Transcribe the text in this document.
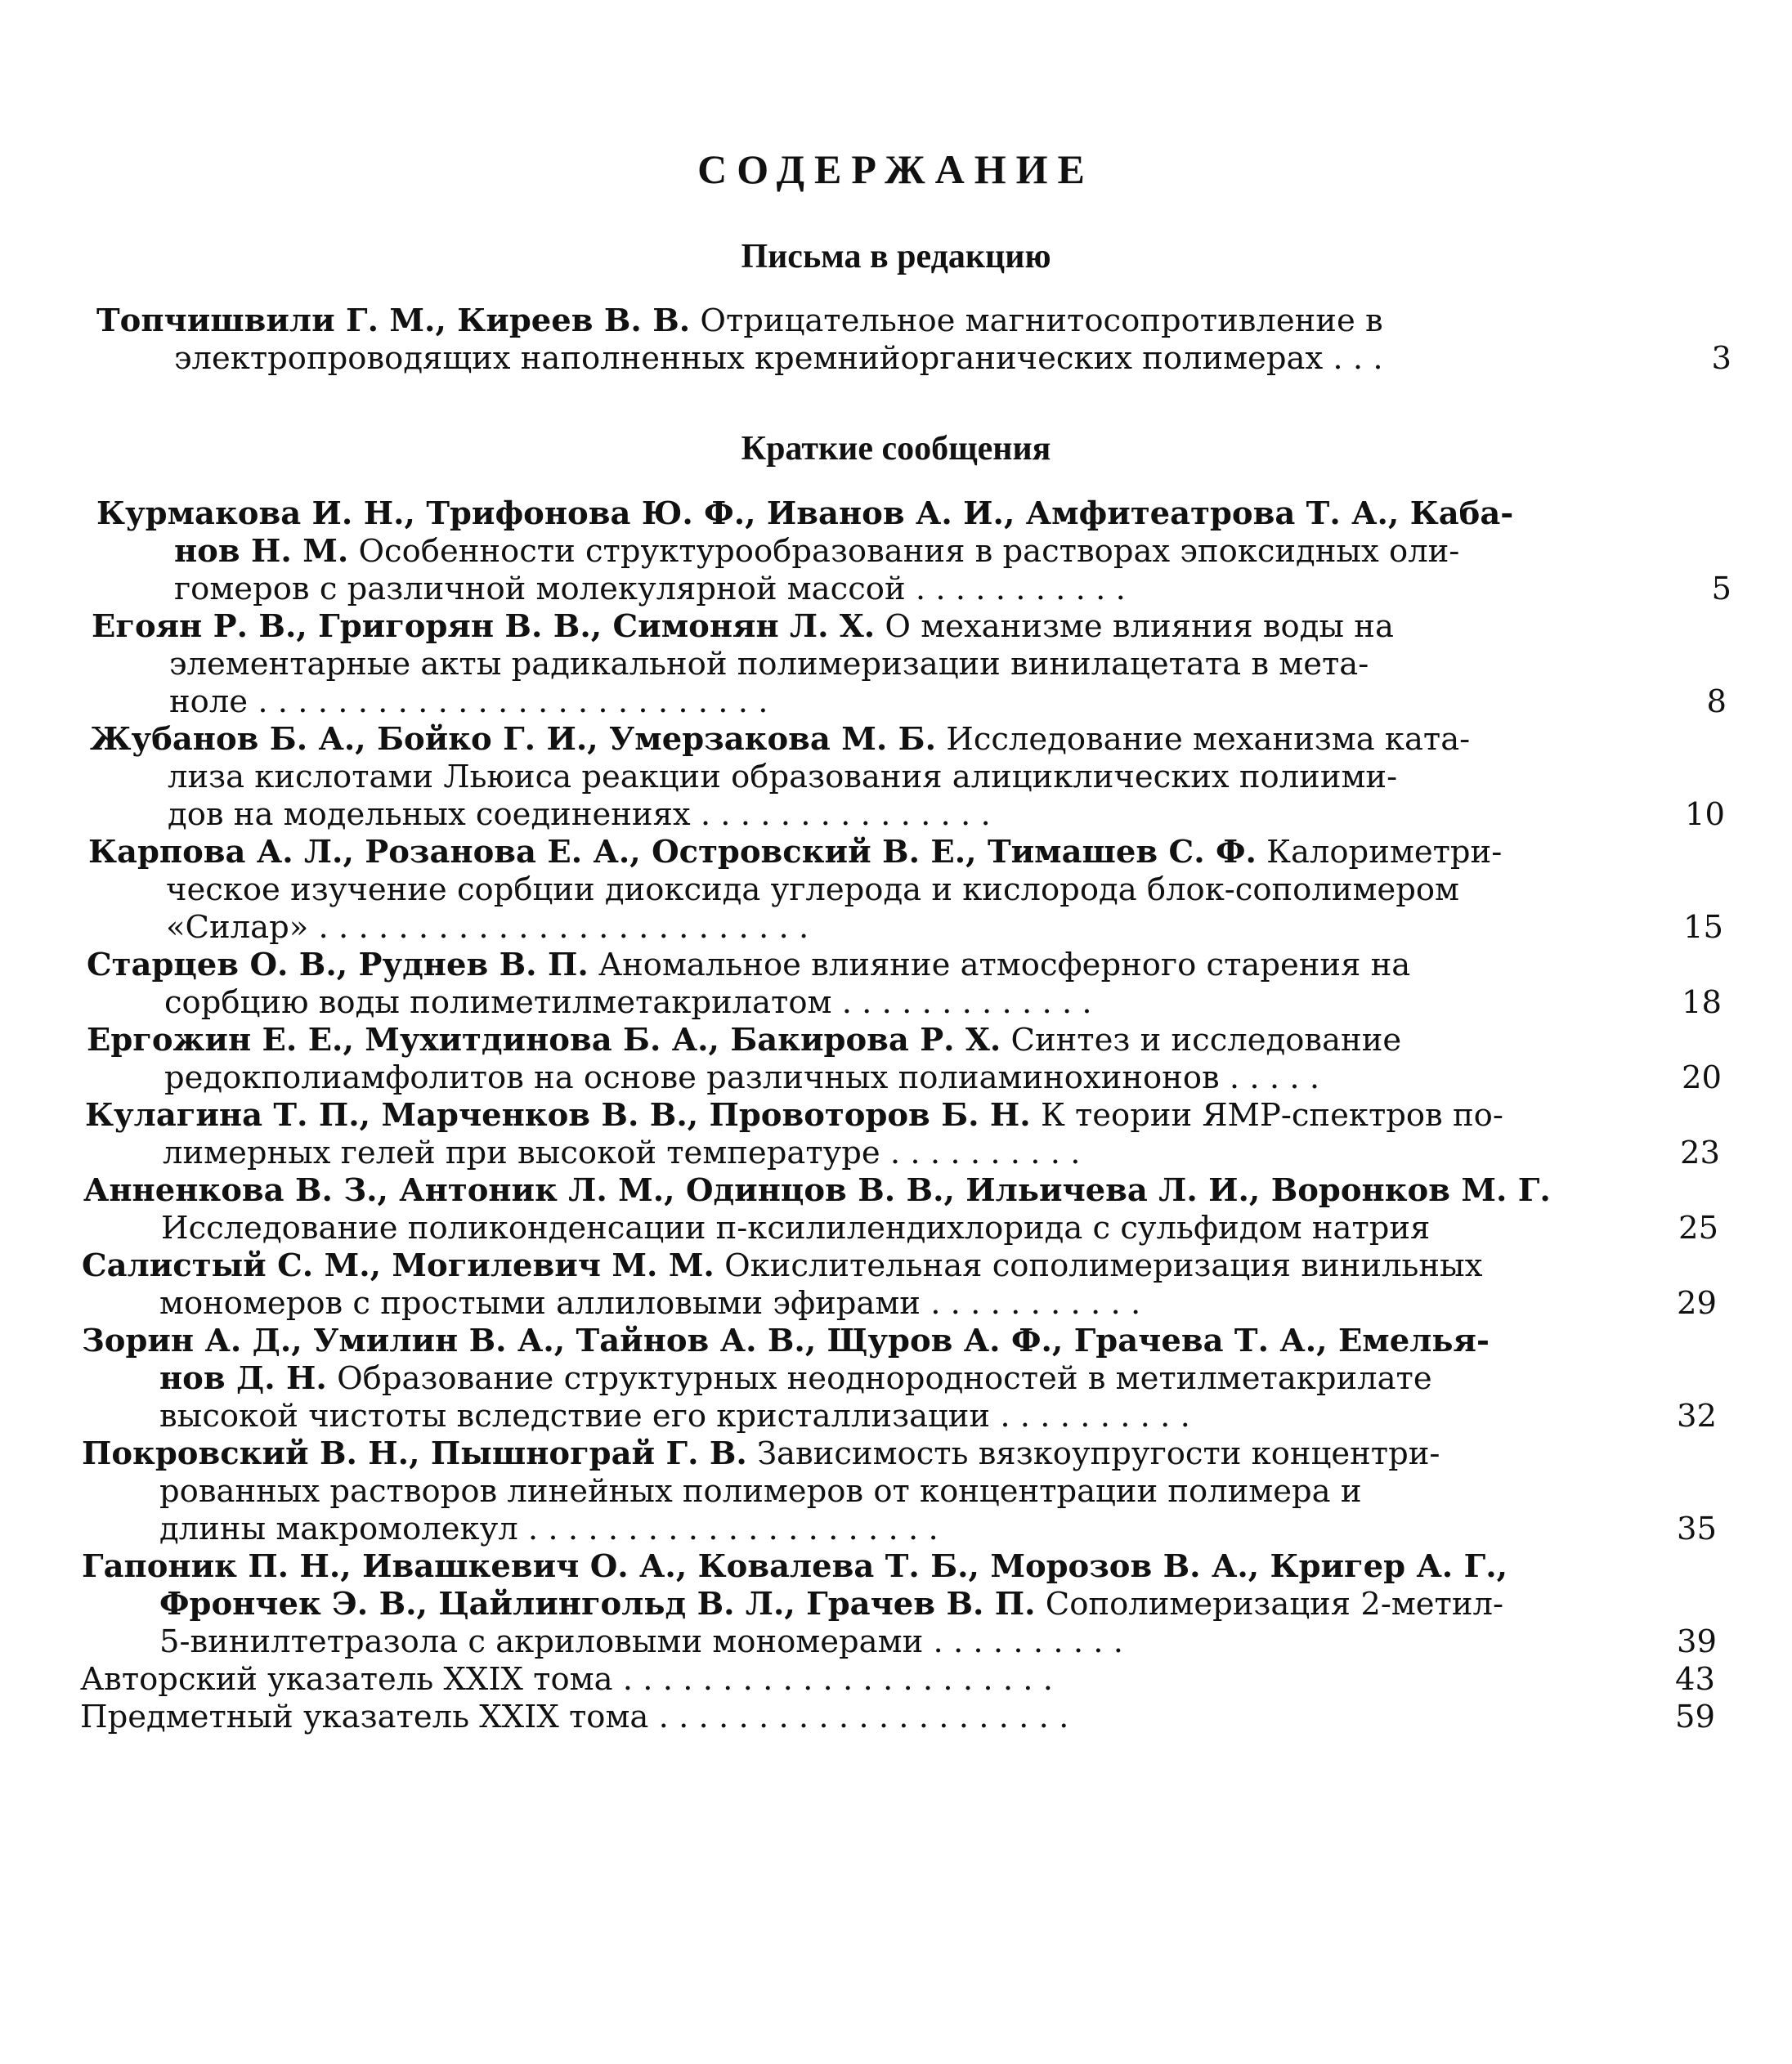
СОДЕРЖАНИЕ
Письма в редакцию
Топчишвили Г. М., Киреев В. В. Отрицательное магнитосопротивление в
электропроводящих наполненных кремнийорганических полимерах . . .	3
Краткие сообщения
Курмакова И. Н., Трифонова Ю. Ф., Иванов А. И., Амфитеатрова Т. А., Каба-
нов Н. М. Особенности структурообразования в растворах эпоксидных оли-
гомеров с различной молекулярной массой . . . . . . . . . . .	5
Егоян Р. В., Григорян В. В., Симонян Л. Х. О механизме влияния воды на
элементарные акты радикальной полимеризации винилацетата в мета-
ноле . . . . . . . . . . . . . . . . . . . . . . . . . .	8
Жубанов Б. А., Бойко Г. И., Умерзакова М. Б. Исследование механизма ката-
лиза кислотами Льюиса реакции образования алициклических полиими-
дов на модельных соединениях . . . . . . . . . . . . . . .	10
Карпова А. Л., Розанова Е. А., Островский В. Е., Тимашев С. Ф. Калориметри-
ческое изучение сорбции диоксида углерода и кислорода блок-сополимером
«Силар» . . . . . . . . . . . . . . . . . . . . . . . . .	15
Старцев О. В., Руднев В. П. Аномальное влияние атмосферного старения на
сорбцию воды полиметилметакрилатом . . . . . . . . . . . . .	18
Ергожин Е. Е., Мухитдинова Б. А., Бакирова Р. Х. Синтез и исследование
редокполиамфолитов на основе различных полиаминохинонов . . . . .	20
Кулагина Т. П., Марченков В. В., Провоторов Б. Н. К теории ЯМР-спектров по-
лимерных гелей при высокой температуре . . . . . . . . . .	23
Анненкова В. З., Антоник Л. М., Одинцов В. В., Ильичева Л. И., Воронков М. Г.
Исследование поликонденсации п-ксилилендихлорида с сульфидом натрия	25
Салистый С. М., Могилевич М. М. Окислительная сополимеризация винильных
мономеров с простыми аллиловыми эфирами . . . . . . . . . . .	29
Зорин А. Д., Умилин В. А., Тайнов А. В., Щуров А. Ф., Грачева Т. А., Емелья-
нов Д. Н. Образование структурных неоднородностей в метилметакрилате
высокой чистоты вследствие его кристаллизации . . . . . . . . . .	32
Покровский В. Н., Пышнограй Г. В. Зависимость вязкоупругости концентри-
рованных растворов линейных полимеров от концентрации полимера и
длины макромолекул . . . . . . . . . . . . . . . . . . . . .	35
Гапоник П. Н., Ивашкевич О. А., Ковалева Т. Б., Морозов В. А., Кригер А. Г.,
Фрончек Э. В., Цайлингольд В. Л., Грачев В. П. Сополимеризация 2-метил-
5-винилтетразола с акриловыми мономерами . . . . . . . . . .	39
Авторский указатель XXIX тома . . . . . . . . . . . . . . . . . . . . . .	43
Предметный указатель XXIX тома . . . . . . . . . . . . . . . . . . . . .	59
